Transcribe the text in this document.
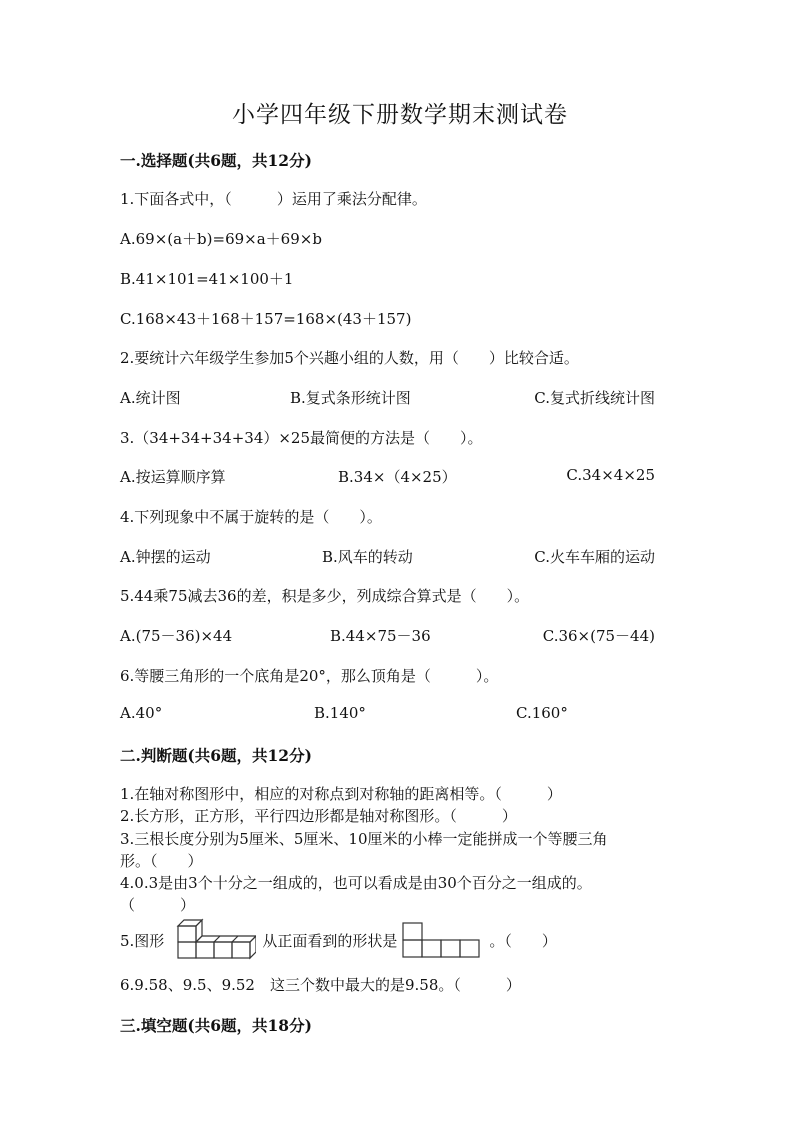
小学四年级下册数学期末测试卷
一.选择题(共6题，共12分)
1.下面各式中，（　　　）运用了乘法分配律。
A.69×(a＋b)=69×a＋69×b
B.41×101=41×100＋1
C.168×43＋168＋157=168×(43＋157)
2.要统计六年级学生参加5个兴趣小组的人数，用（　　）比较合适。
A.统计图	B.复式条形统计图	C.复式折线统计图
3.（34+34+34+34）×25最简便的方法是（　　）。
A.按运算顺序算	B.34×（4×25）	C.34×4×25
4.下列现象中不属于旋转的是（　　）。
A.钟摆的运动	B.风车的转动	C.火车车厢的运动
5.44乘75减去36的差，积是多少，列成综合算式是（　　）。
A.(75－36)×44	B.44×75－36	C.36×(75－44)
6.等腰三角形的一个底角是20°，那么顶角是（　　　）。
A.40°	B.140°	C.160°
二.判断题(共6题，共12分)
1.在轴对称图形中，相应的对称点到对称轴的距离相等。（　　　）
2.长方形，正方形，平行四边形都是轴对称图形。（　　　）
3.三根长度分别为5厘米、5厘米、10厘米的小棒一定能拼成一个等腰三角
形。（　　）
4.0.3是由3个十分之一组成的，也可以看成是由30个百分之一组成的。
（　　　）
5.图形	从正面看到的形状是	。（　　）
6.9.58、9.5、9.52　这三个数中最大的是9.58。（　　　）
三.填空题(共6题，共18分)
